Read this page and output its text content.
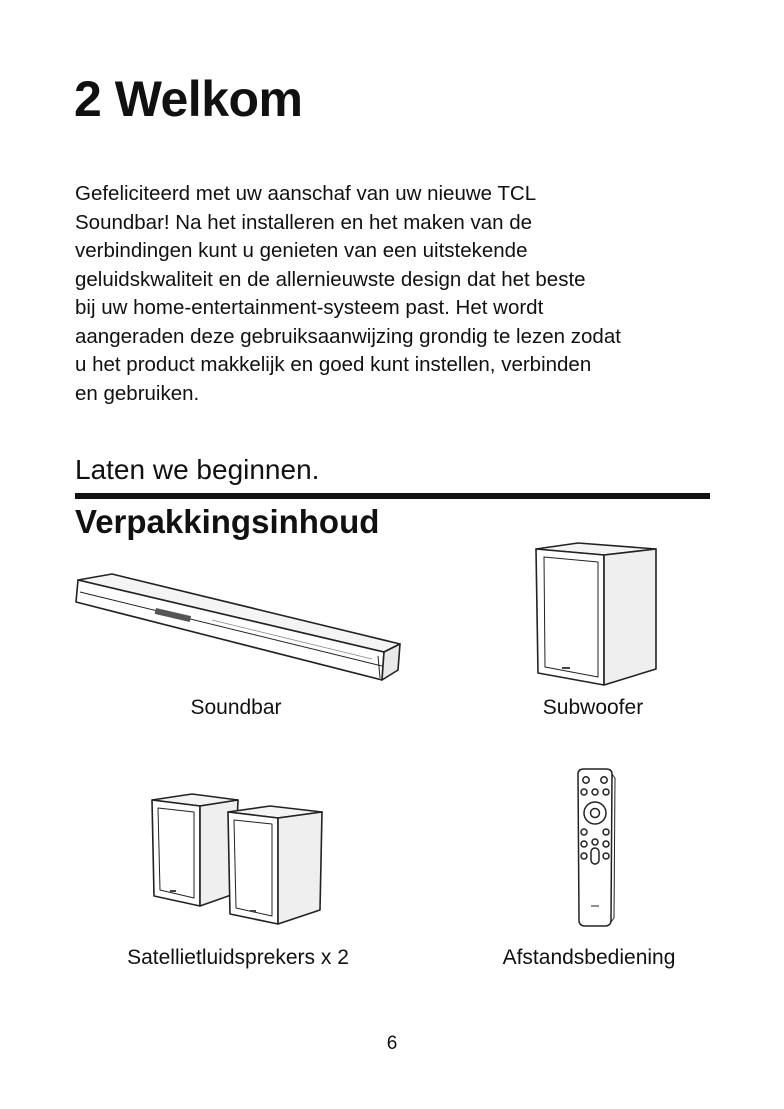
2 Welkom

Gefeliciteerd met uw aanschaf van uw nieuwe TCL
Soundbar! Na het installeren en het maken van de
verbindingen kunt u genieten van een uitstekende
geluidskwaliteit en de allernieuwste design dat het beste
bij uw home-entertainment-systeem past. Het wordt
aangeraden deze gebruiksaanwijzing grondig te lezen zodat
u het product makkelijk en goed kunt instellen, verbinden
en gebruiken.

Laten we beginnen.
Verpakkingsinhoud
Soundbar	Subwoofer
Satellietluidsprekers x 2	Afstandsbediening
6
